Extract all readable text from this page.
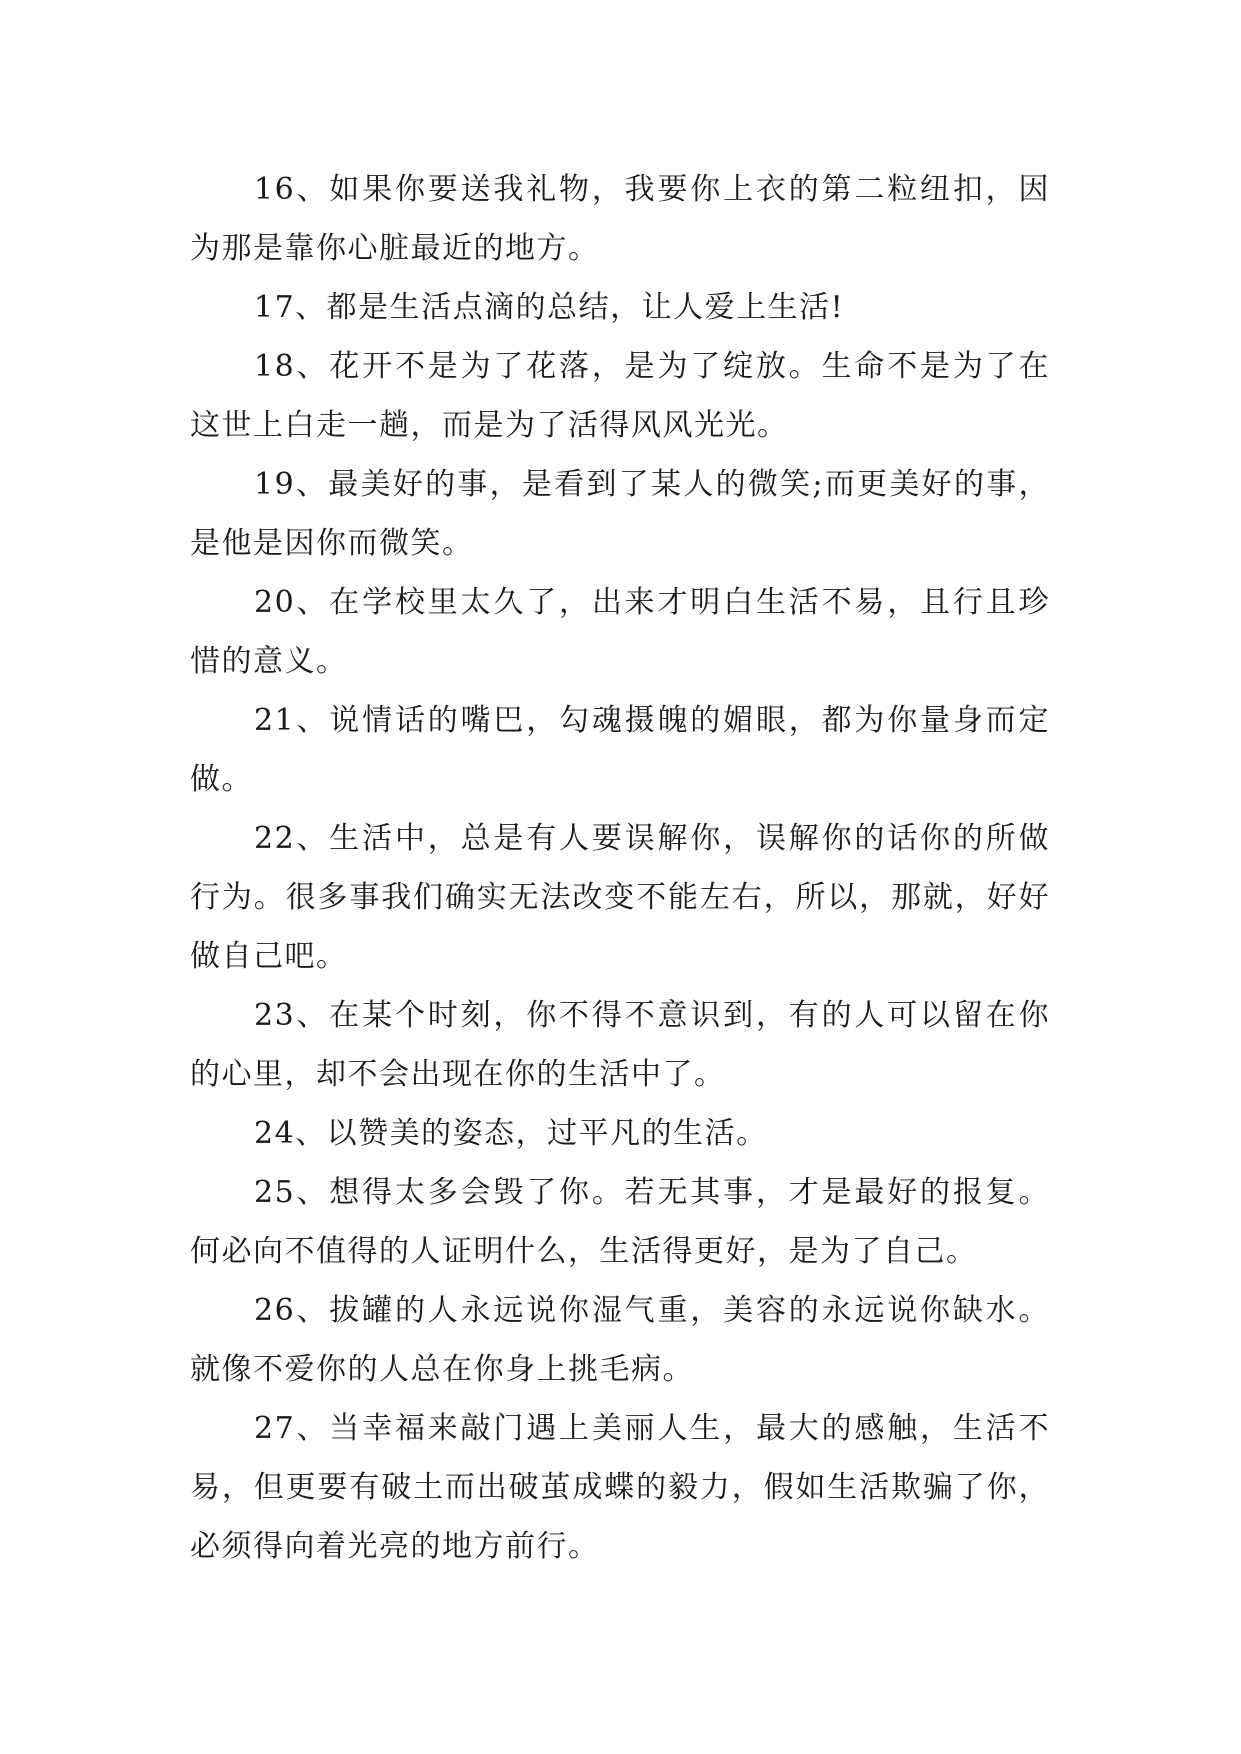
16、如果你要送我礼物，我要你上衣的第二粒纽扣，因为那是靠你心脏最近的地方。

17、都是生活点滴的总结，让人爱上生活!

18、花开不是为了花落，是为了绽放。生命不是为了在这世上白走一趟，而是为了活得风风光光。

19、最美好的事，是看到了某人的微笑;而更美好的事，是他是因你而微笑。

20、在学校里太久了，出来才明白生活不易，且行且珍惜的意义。

21、说情话的嘴巴，勾魂摄魄的媚眼，都为你量身而定做。

22、生活中，总是有人要误解你，误解你的话你的所做行为。很多事我们确实无法改变不能左右，所以，那就，好好做自己吧。

23、在某个时刻，你不得不意识到，有的人可以留在你的心里，却不会出现在你的生活中了。

24、以赞美的姿态，过平凡的生活。

25、想得太多会毁了你。若无其事，才是最好的报复。何必向不值得的人证明什么，生活得更好，是为了自己。

26、拔罐的人永远说你湿气重，美容的永远说你缺水。就像不爱你的人总在你身上挑毛病。

27、当幸福来敲门遇上美丽人生，最大的感触，生活不易，但更要有破土而出破茧成蝶的毅力，假如生活欺骗了你，必须得向着光亮的地方前行。
